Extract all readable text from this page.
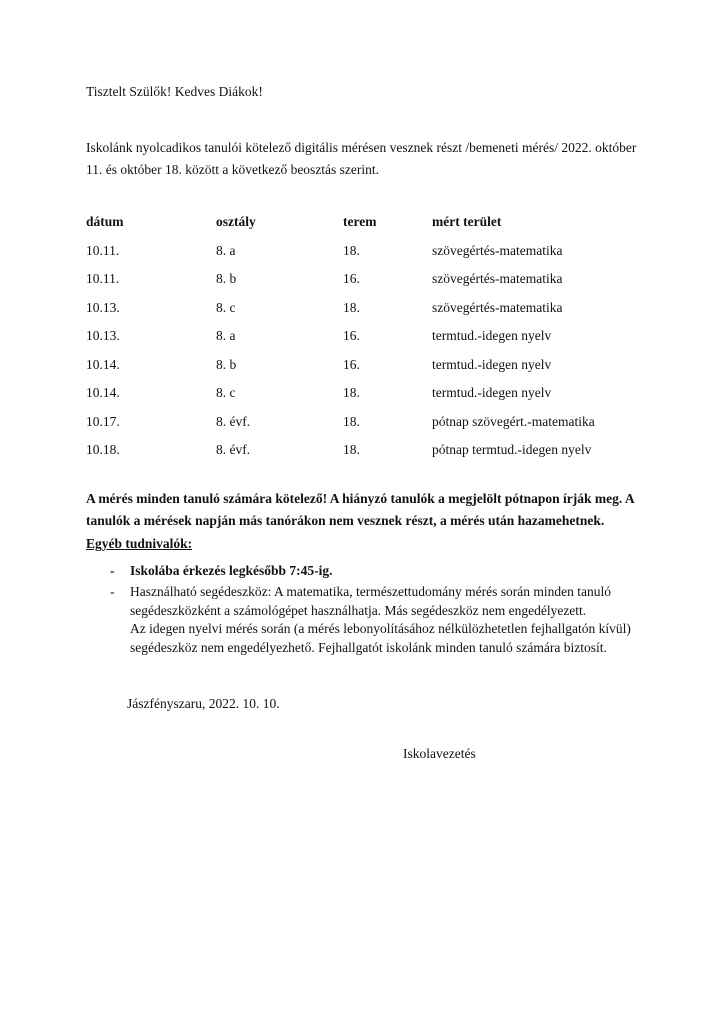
Tisztelt Szülők! Kedves Diákok!
Iskolánk nyolcadikos tanulói kötelező digitális mérésen vesznek részt /bemeneti mérés/ 2022. október 11. és október 18. között a következő beosztás szerint.
dátum	osztály	terem	mért terület
10.11.	8. a	18.	szövegértés-matematika
10.11.	8. b	16.	szövegértés-matematika
10.13.	8. c	18.	szövegértés-matematika
10.13.	8. a	16.	termtud.-idegen nyelv
10.14.	8. b	16.	termtud.-idegen nyelv
10.14.	8. c	18.	termtud.-idegen nyelv
10.17.	8. évf.	18.	pótnap szövegért.-matematika
10.18.	8. évf.	18.	pótnap termtud.-idegen nyelv
A mérés minden tanuló számára kötelező! A hiányzó tanulók a megjelölt pótnapon írják meg. A tanulók a mérések napján más tanórákon nem vesznek részt, a mérés után hazamehetnek.
Egyéb tudnivalók:
-	Iskolába érkezés legkésőbb 7:45-ig.
-	Használható segédeszköz: A matematika, természettudomány mérés során minden tanuló segédeszközként a számológépet használhatja. Más segédeszköz nem engedélyezett.
Az idegen nyelvi mérés során (a mérés lebonyolításához nélkülözhetetlen fejhallgatón kívül) segédeszköz nem engedélyezhető. Fejhallgatót iskolánk minden tanuló számára biztosít.
Jászfényszaru, 2022. 10. 10.
Iskolavezetés
